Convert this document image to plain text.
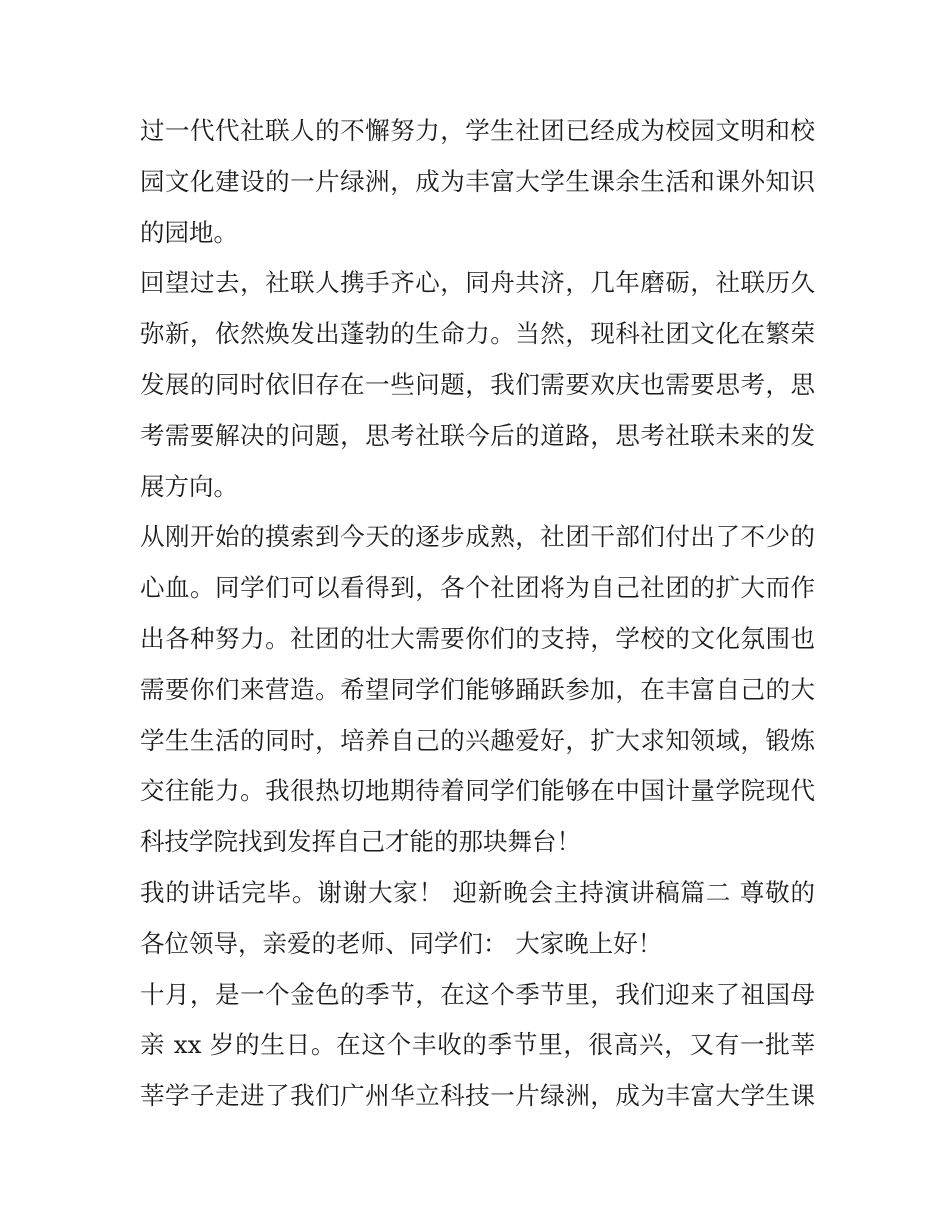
过一代代社联人的不懈努力，学生社团已经成为校园文明和校
园文化建设的一片绿洲，成为丰富大学生课余生活和课外知识
的园地。
回望过去，社联人携手齐心，同舟共济，几年磨砺，社联历久
弥新，依然焕发出蓬勃的生命力。当然，现科社团文化在繁荣
发展的同时依旧存在一些问题，我们需要欢庆也需要思考，思
考需要解决的问题，思考社联今后的道路，思考社联未来的发
展方向。
从刚开始的摸索到今天的逐步成熟，社团干部们付出了不少的
心血。同学们可以看得到，各个社团将为自己社团的扩大而作
出各种努力。社团的壮大需要你们的支持，学校的文化氛围也
需要你们来营造。希望同学们能够踊跃参加，在丰富自己的大
学生生活的同时，培养自己的兴趣爱好，扩大求知领域，锻炼
交往能力。我很热切地期待着同学们能够在中国计量学院现代
科技学院找到发挥自己才能的那块舞台！
我的讲话完毕。谢谢大家！ 迎新晚会主持演讲稿篇二 尊敬的
各位领导，亲爱的老师、同学们： 大家晚上好！
十月，是一个金色的季节，在这个季节里，我们迎来了祖国母
亲 xx 岁的生日。在这个丰收的季节里，很高兴，又有一批莘
莘学子走进了我们广州华立科技一片绿洲，成为丰富大学生课
